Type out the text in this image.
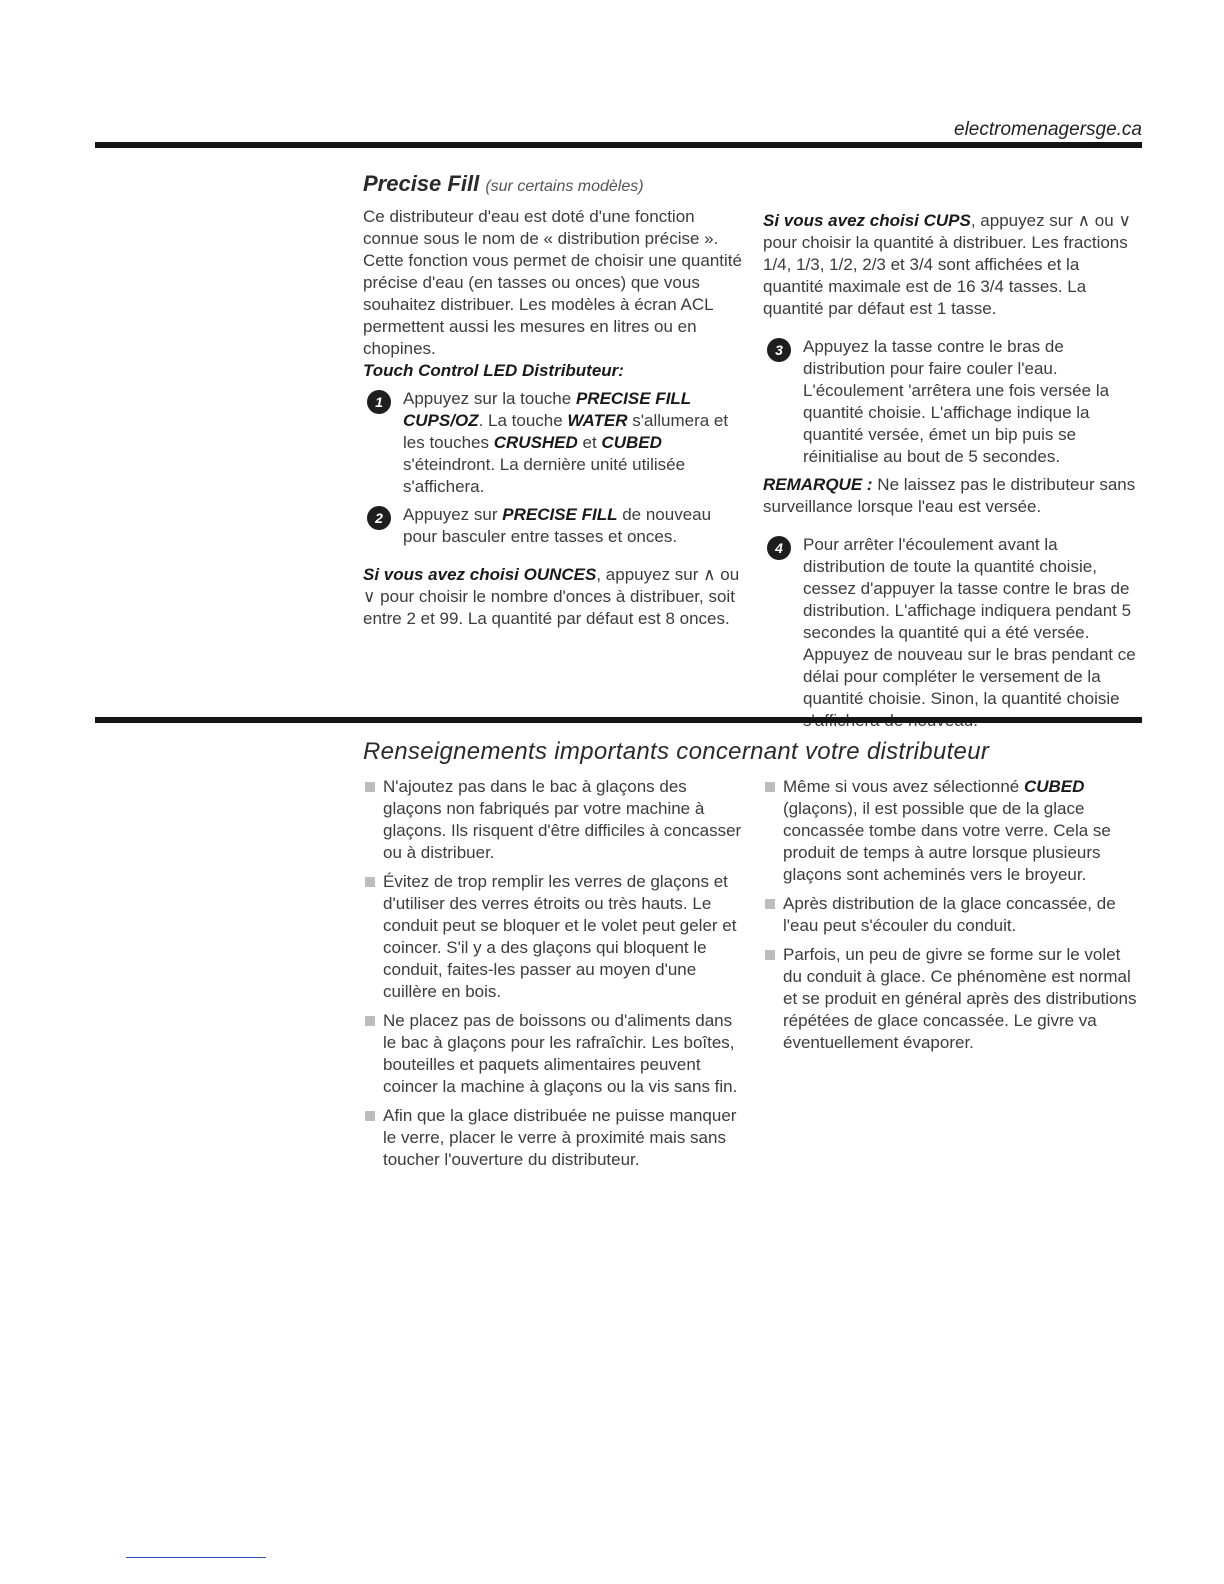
electromenagersge.ca
Precise Fill (sur certains modèles)

Ce distributeur d'eau est doté d'une fonction connue sous le nom de « distribution précise ». Cette fonction vous permet de choisir une quantité précise d'eau (en tasses ou onces) que vous souhaitez distribuer. Les modèles à écran ACL permettent aussi les mesures en litres ou en chopines.

Touch Control LED Distributeur:

1	Appuyez sur la touche PRECISE FILL CUPS/OZ. La touche WATER s'allumera et les touches CRUSHED et CUBED s'éteindront. La dernière unité utilisée s'affichera.
2	Appuyez sur PRECISE FILL de nouveau pour basculer entre tasses et onces.

Si vous avez choisi OUNCES, appuyez sur ∧ ou ∨ pour choisir le nombre d'onces à distribuer, soit entre 2 et 99. La quantité par défaut est 8 onces.

Si vous avez choisi CUPS, appuyez sur ∧ ou ∨ pour choisir la quantité à distribuer. Les fractions 1/4, 1/3, 1/2, 2/3 et 3/4 sont affichées et la quantité maximale est de 16 3/4 tasses. La quantité par défaut est 1 tasse.

3	Appuyez la tasse contre le bras de distribution pour faire couler l'eau. L'écoulement 'arrêtera une fois versée la quantité choisie. L'affichage indique la quantité versée, émet un bip puis se réinitialise au bout de 5 secondes.

REMARQUE : Ne laissez pas le distributeur sans surveillance lorsque l'eau est versée.

4	Pour arrêter l'écoulement avant la distribution de toute la quantité choisie, cessez d'appuyer la tasse contre le bras de distribution. L'affichage indiquera pendant 5 secondes la quantité qui a été versée. Appuyez de nouveau sur le bras pendant ce délai pour compléter le versement de la quantité choisie. Sinon, la quantité choisie
Renseignements importants concernant votre distributeur
N'ajoutez pas dans le bac à glaçons des glaçons non fabriqués par votre machine à glaçons. Ils risquent d'être difficiles à concasser ou à distribuer.
Évitez de trop remplir les verres de glaçons et d'utiliser des verres étroits ou très hauts. Le conduit peut se bloquer et le volet peut geler et coincer. S'il y a des glaçons qui bloquent le conduit, faites-les passer au moyen d'une cuillère en bois.
Ne placez pas de boissons ou d'aliments dans le bac à glaçons pour les rafraîchir. Les boîtes, bouteilles et paquets alimentaires peuvent coincer la machine à glaçons ou la vis sans fin.
Afin que la glace distribuée ne puisse manquer le verre, placer le verre à proximité mais sans toucher l'ouverture du distributeur.
Même si vous avez sélectionné CUBED (glaçons), il est possible que de la glace concassée tombe dans votre verre. Cela se produit de temps à autre lorsque plusieurs glaçons sont acheminés vers le broyeur.
Après distribution de la glace concassée, de l'eau peut s'écouler du conduit.
Parfois, un peu de givre se forme sur le volet du conduit à glace. Ce phénomène est normal et se produit en général après des distributions répétées de glace concassée. Le givre va éventuellement évaporer.
